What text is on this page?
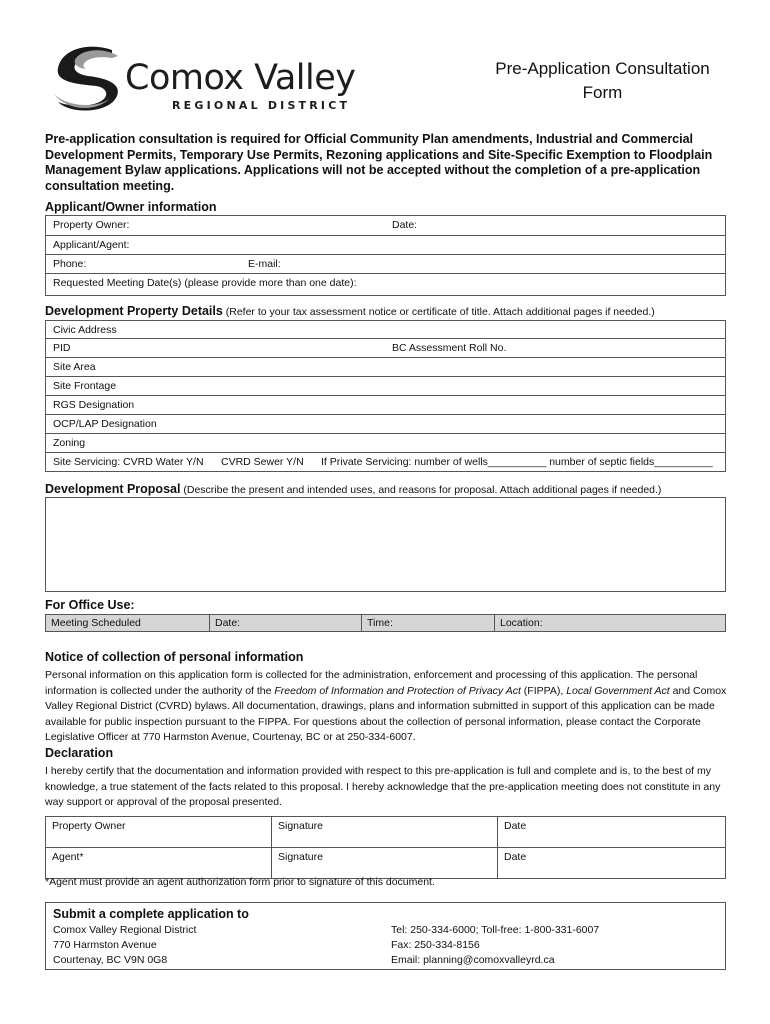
Comox Valley
REGIONAL DISTRICT
Pre-Application Consultation
Form
Pre-application consultation is required for Official Community Plan amendments, Industrial and Commercial Development Permits, Temporary Use Permits, Rezoning applications and Site-Specific Exemption to Floodplain Management Bylaw applications. Applications will not be accepted without the completion of a pre-application consultation meeting.
Applicant/Owner information
Property Owner:	Date:
Applicant/Agent:
Phone:	E-mail:
Requested Meeting Date(s) (please provide more than one date):
Development Property Details (Refer to your tax assessment notice or certificate of title. Attach additional pages if needed.)
Civic Address
PID	BC Assessment Roll No.
Site Area
Site Frontage
RGS Designation
OCP/LAP Designation
Zoning
Site Servicing: CVRD Water Y/N CVRD Sewer Y/N If Private Servicing: number of wells__________ number of septic fields__________
Development Proposal (Describe the present and intended uses, and reasons for proposal. Attach additional pages if needed.)
For Office Use:
Meeting Scheduled	Date:	Time:	Location:
Notice of collection of personal information
Personal information on this application form is collected for the administration, enforcement and processing of this application. The personal information is collected under the authority of the Freedom of Information and Protection of Privacy Act (FIPPA), Local Government Act and Comox Valley Regional District (CVRD) bylaws. All documentation, drawings, plans and information submitted in support of this application can be made available for public inspection pursuant to the FIPPA. For questions about the collection of personal information, please contact the Corporate Legislative Officer at 770 Harmston Avenue, Courtenay, BC or at 250-334-6007.
Declaration
I hereby certify that the documentation and information provided with respect to this pre-application is full and complete and is, to the best of my knowledge, a true statement of the facts related to this proposal. I hereby acknowledge that the pre-application meeting does not constitute in any way support or approval of the proposal presented.
Property Owner	Signature	Date
Agent*	Signature	Date
*Agent must provide an agent authorization form prior to signature of this document.
Submit a complete application to
Comox Valley Regional District
770 Harmston Avenue
Courtenay, BC V9N 0G8
Tel: 250-334-6000; Toll-free: 1-800-331-6007
Fax: 250-334-8156
Email: planning@comoxvalleyrd.ca
